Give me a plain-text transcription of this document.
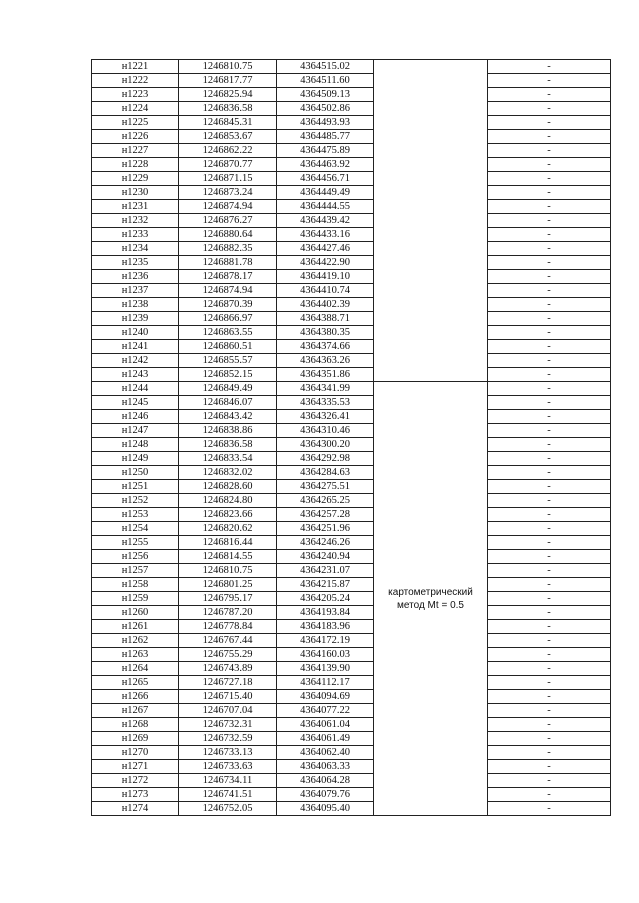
н1221	1246810.75	4364515.02		-
н1222	1246817.77	4364511.60		-
н1223	1246825.94	4364509.13		-
н1224	1246836.58	4364502.86		-
н1225	1246845.31	4364493.93		-
н1226	1246853.67	4364485.77		-
н1227	1246862.22	4364475.89		-
н1228	1246870.77	4364463.92		-
н1229	1246871.15	4364456.71		-
н1230	1246873.24	4364449.49		-
н1231	1246874.94	4364444.55		-
н1232	1246876.27	4364439.42		-
н1233	1246880.64	4364433.16		-
н1234	1246882.35	4364427.46		-
н1235	1246881.78	4364422.90		-
н1236	1246878.17	4364419.10		-
н1237	1246874.94	4364410.74		-
н1238	1246870.39	4364402.39		-
н1239	1246866.97	4364388.71		-
н1240	1246863.55	4364380.35		-
н1241	1246860.51	4364374.66		-
н1242	1246855.57	4364363.26		-
н1243	1246852.15	4364351.86		-
н1244	1246849.49	4364341.99	картометрический метод Mt = 0.5	-
н1245	1246846.07	4364335.53		-
н1246	1246843.42	4364326.41		-
н1247	1246838.86	4364310.46		-
н1248	1246836.58	4364300.20		-
н1249	1246833.54	4364292.98		-
н1250	1246832.02	4364284.63		-
н1251	1246828.60	4364275.51		-
н1252	1246824.80	4364265.25		-
н1253	1246823.66	4364257.28		-
н1254	1246820.62	4364251.96		-
н1255	1246816.44	4364246.26		-
н1256	1246814.55	4364240.94		-
н1257	1246810.75	4364231.07		-
н1258	1246801.25	4364215.87		-
н1259	1246795.17	4364205.24		-
н1260	1246787.20	4364193.84		-
н1261	1246778.84	4364183.96		-
н1262	1246767.44	4364172.19		-
н1263	1246755.29	4364160.03		-
н1264	1246743.89	4364139.90		-
н1265	1246727.18	4364112.17		-
н1266	1246715.40	4364094.69		-
н1267	1246707.04	4364077.22		-
н1268	1246732.31	4364061.04		-
н1269	1246732.59	4364061.49		-
н1270	1246733.13	4364062.40		-
н1271	1246733.63	4364063.33		-
н1272	1246734.11	4364064.28		-
н1273	1246741.51	4364079.76		-
н1274	1246752.05	4364095.40		-
